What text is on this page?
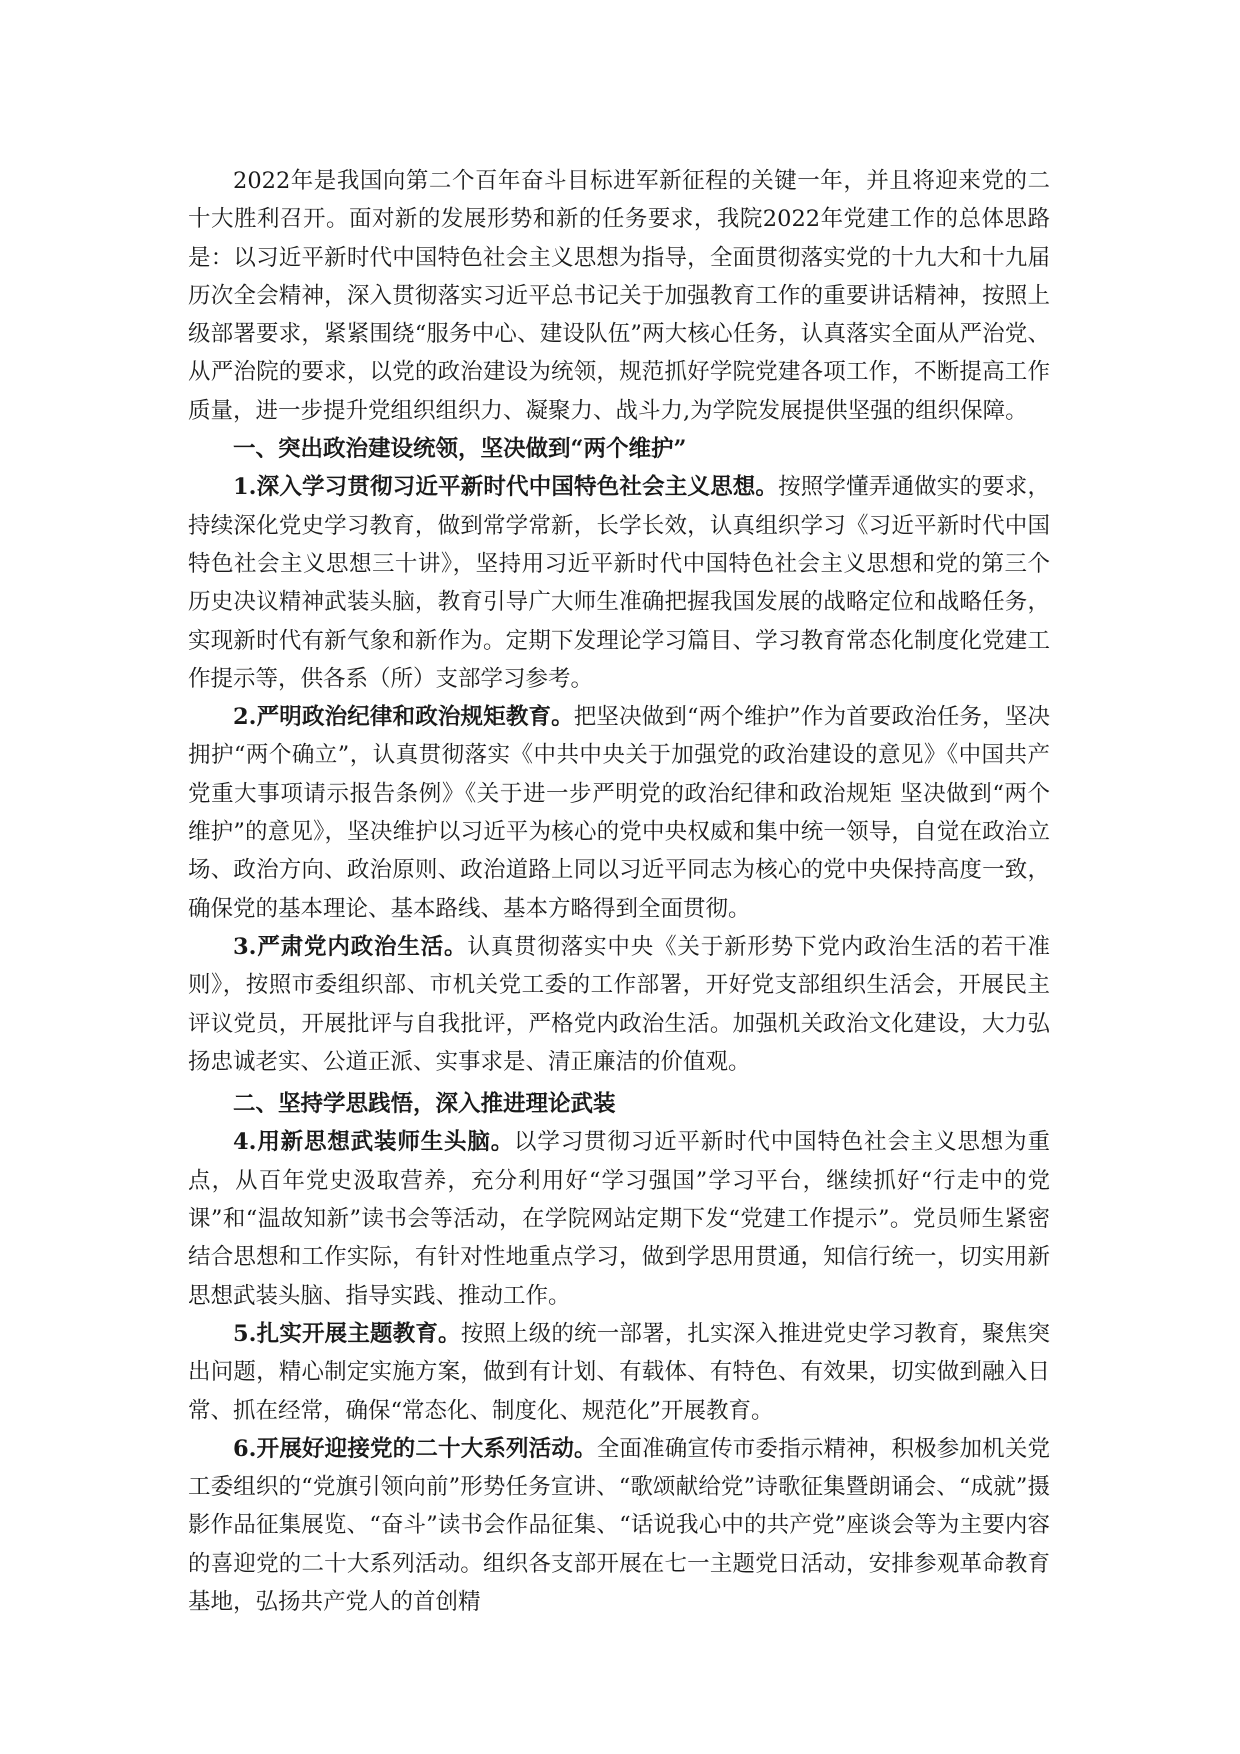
2022年是我国向第二个百年奋斗目标进军新征程的关键一年，并且将迎来党的二十大胜利召开。面对新的发展形势和新的任务要求，我院2022年党建工作的总体思路是：以习近平新时代中国特色社会主义思想为指导，全面贯彻落实党的十九大和十九届历次全会精神，深入贯彻落实习近平总书记关于加强教育工作的重要讲话精神，按照上级部署要求，紧紧围绕“服务中心、建设队伍”两大核心任务，认真落实全面从严治党、从严治院的要求，以党的政治建设为统领，规范抓好学院党建各项工作，不断提高工作质量，进一步提升党组织组织力、凝聚力、战斗力,为学院发展提供坚强的组织保障。

一、突出政治建设统领，坚决做到“两个维护”

1.深入学习贯彻习近平新时代中国特色社会主义思想。按照学懂弄通做实的要求，持续深化党史学习教育，做到常学常新，长学长效，认真组织学习《习近平新时代中国特色社会主义思想三十讲》，坚持用习近平新时代中国特色社会主义思想和党的第三个历史决议精神武装头脑，教育引导广大师生准确把握我国发展的战略定位和战略任务，实现新时代有新气象和新作为。定期下发理论学习篇目、学习教育常态化制度化党建工作提示等，供各系（所）支部学习参考。

2.严明政治纪律和政治规矩教育。把坚决做到“两个维护”作为首要政治任务，坚决拥护“两个确立”，认真贯彻落实《中共中央关于加强党的政治建设的意见》《中国共产党重大事项请示报告条例》《关于进一步严明党的政治纪律和政治规矩 坚决做到“两个维护”的意见》，坚决维护以习近平为核心的党中央权威和集中统一领导，自觉在政治立场、政治方向、政治原则、政治道路上同以习近平同志为核心的党中央保持高度一致，确保党的基本理论、基本路线、基本方略得到全面贯彻。

3.严肃党内政治生活。认真贯彻落实中央《关于新形势下党内政治生活的若干准则》，按照市委组织部、市机关党工委的工作部署，开好党支部组织生活会，开展民主评议党员，开展批评与自我批评，严格党内政治生活。加强机关政治文化建设，大力弘扬忠诚老实、公道正派、实事求是、清正廉洁的价值观。

二、坚持学思践悟，深入推进理论武装

4.用新思想武装师生头脑。以学习贯彻习近平新时代中国特色社会主义思想为重点，从百年党史汲取营养，充分利用好“学习强国”学习平台，继续抓好“行走中的党课”和“温故知新”读书会等活动，在学院网站定期下发“党建工作提示”。党员师生紧密结合思想和工作实际，有针对性地重点学习，做到学思用贯通，知信行统一，切实用新思想武装头脑、指导实践、推动工作。

5.扎实开展主题教育。按照上级的统一部署，扎实深入推进党史学习教育，聚焦突出问题，精心制定实施方案，做到有计划、有载体、有特色、有效果，切实做到融入日常、抓在经常，确保“常态化、制度化、规范化”开展教育。

6.开展好迎接党的二十大系列活动。全面准确宣传市委指示精神，积极参加机关党工委组织的“党旗引领向前”形势任务宣讲、“歌颂献给党”诗歌征集暨朗诵会、“成就”摄影作品征集展览、“奋斗”读书会作品征集、“话说我心中的共产党”座谈会等为主要内容的喜迎党的二十大系列活动。组织各支部开展在七一主题党日活动，安排参观革命教育基地，弘扬共产党人的首创精
